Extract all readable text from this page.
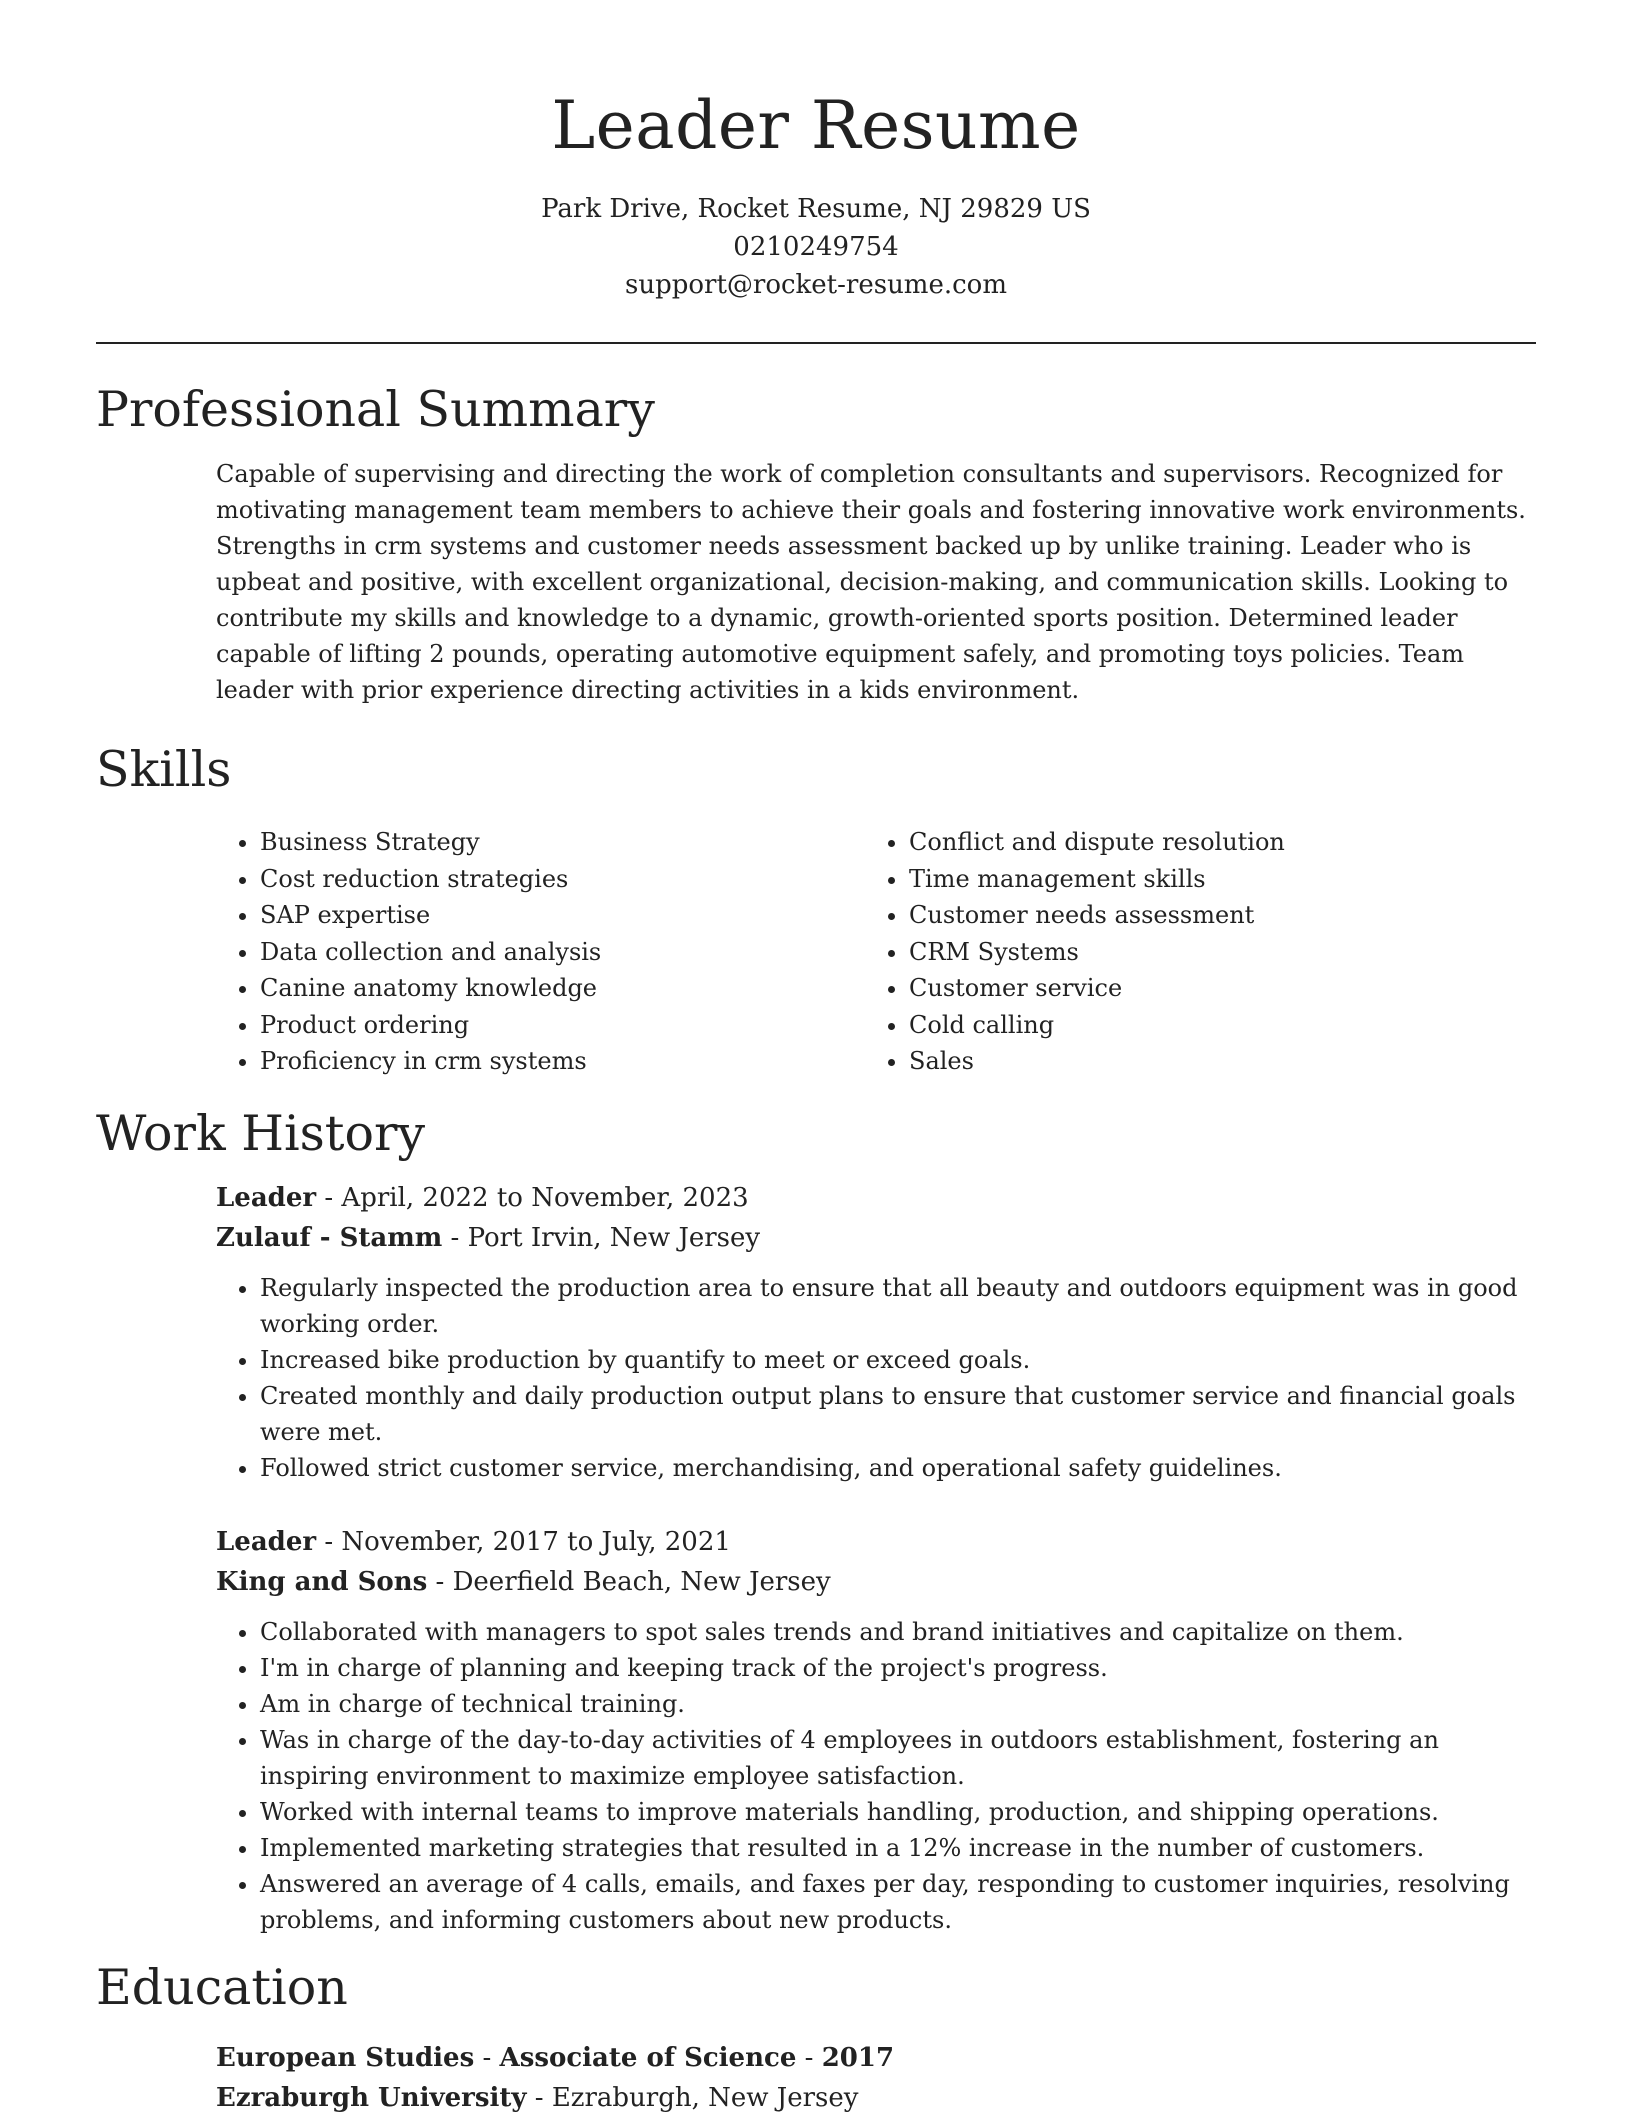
Leader Resume
Park Drive, Rocket Resume, NJ 29829 US
0210249754
support@rocket-resume.com
Professional Summary

Capable of supervising and directing the work of completion consultants and supervisors. Recognized for motivating management team members to achieve their goals and fostering innovative work environments. Strengths in crm systems and customer needs assessment backed up by unlike training. Leader who is upbeat and positive, with excellent organizational, decision-making, and communication skills. Looking to contribute my skills and knowledge to a dynamic, growth-oriented sports position. Determined leader capable of lifting 2 pounds, operating automotive equipment safely, and promoting toys policies. Team leader with prior experience directing activities in a kids environment.

Skills
• Business Strategy
• Cost reduction strategies
• SAP expertise
• Data collection and analysis
• Canine anatomy knowledge
• Product ordering
• Proficiency in crm systems
• Conflict and dispute resolution
• Time management skills
• Customer needs assessment
• CRM Systems
• Customer service
• Cold calling
• Sales
Work History
Leader - April, 2022 to November, 2023
Zulauf - Stamm - Port Irvin, New Jersey
• Regularly inspected the production area to ensure that all beauty and outdoors equipment was in good working order.
• Increased bike production by quantify to meet or exceed goals.
• Created monthly and daily production output plans to ensure that customer service and financial goals were met.
• Followed strict customer service, merchandising, and operational safety guidelines.
Leader - November, 2017 to July, 2021
King and Sons - Deerfield Beach, New Jersey
• Collaborated with managers to spot sales trends and brand initiatives and capitalize on them.
• I'm in charge of planning and keeping track of the project's progress.
• Am in charge of technical training.
• Was in charge of the day-to-day activities of 4 employees in outdoors establishment, fostering an inspiring environment to maximize employee satisfaction.
• Worked with internal teams to improve materials handling, production, and shipping operations.
• Implemented marketing strategies that resulted in a 12% increase in the number of customers.
• Answered an average of 4 calls, emails, and faxes per day, responding to customer inquiries, resolving problems, and informing customers about new products.
Education
European Studies - Associate of Science - 2017
Ezraburgh University - Ezraburgh, New Jersey
